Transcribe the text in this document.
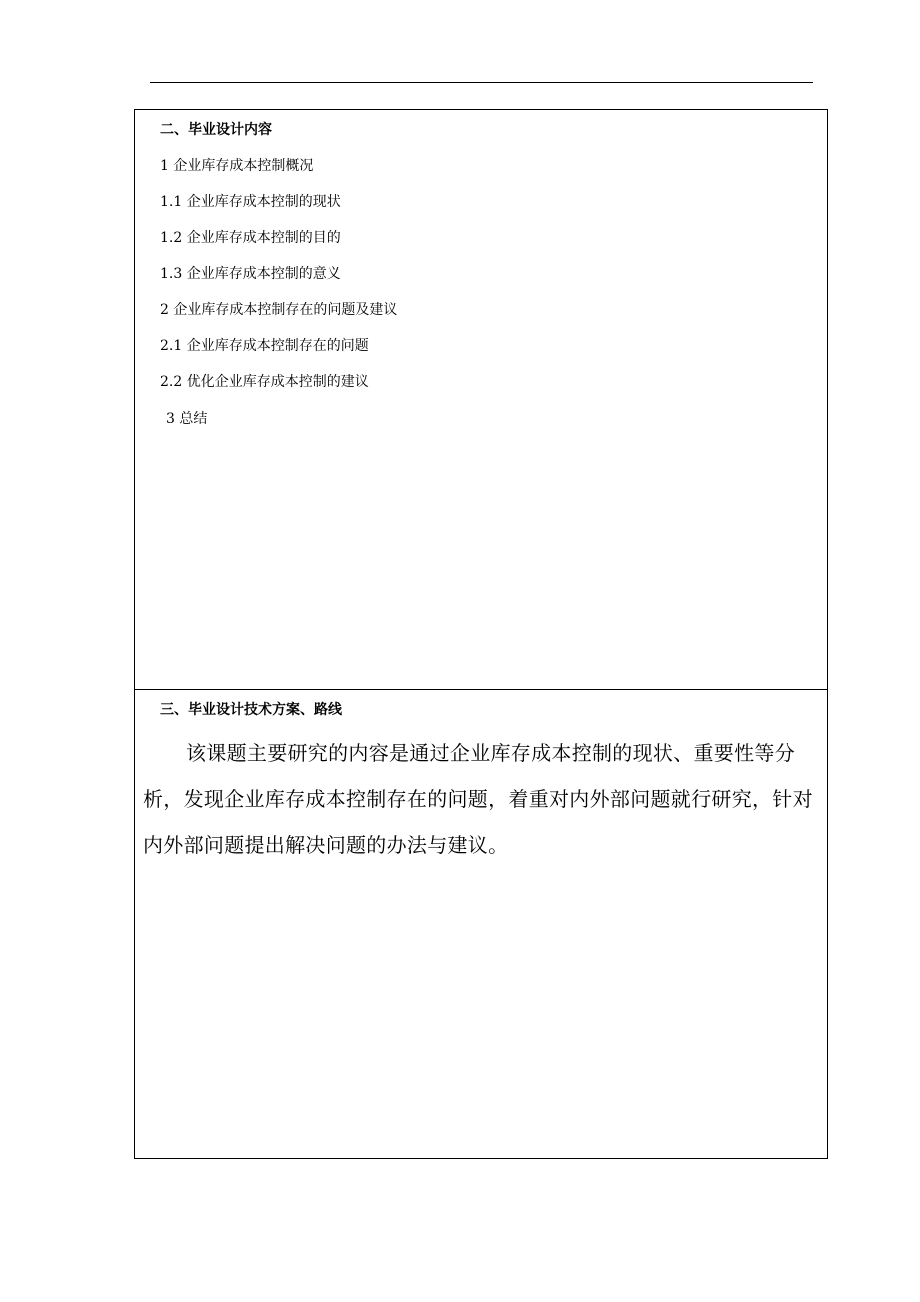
二、毕业设计内容
1 企业库存成本控制概况
1.1 企业库存成本控制的现状
1.2 企业库存成本控制的目的
1.3 企业库存成本控制的意义
2 企业库存成本控制存在的问题及建议
2.1 企业库存成本控制存在的问题
2.2 优化企业库存成本控制的建议
3 总结
三、毕业设计技术方案、路线

该课题主要研究的内容是通过企业库存成本控制的现状、重要性等分析，发现企业库存成本控制存在的问题，着重对内外部问题就行研究，针对内外部问题提出解决问题的办法与建议。
